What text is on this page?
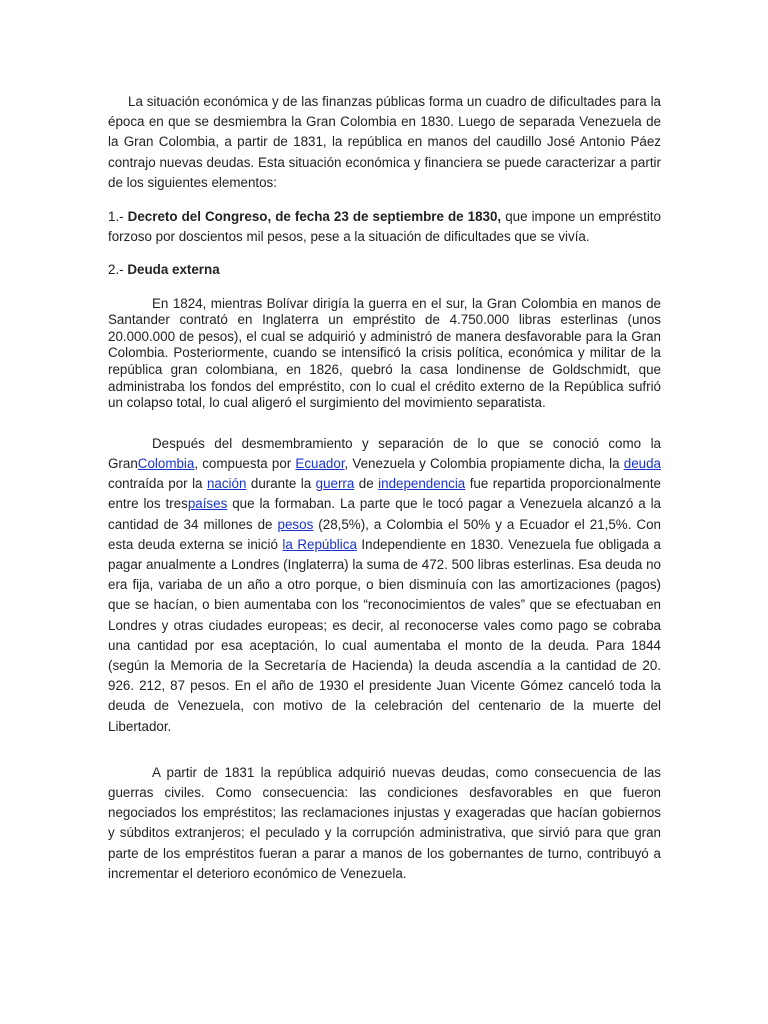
La situación económica y de las finanzas públicas forma un cuadro de dificultades para la época en que se desmiembra la Gran Colombia en 1830. Luego de separada Venezuela de la Gran Colombia, a partir de 1831, la república en manos del caudillo José Antonio Páez contrajo nuevas deudas. Esta situación económica y financiera se puede caracterizar a partir de los siguientes elementos:

1.- Decreto del Congreso, de fecha 23 de septiembre de 1830, que impone un empréstito forzoso por doscientos mil pesos, pese a la situación de dificultades que se vivía.

2.- Deuda externa

En 1824, mientras Bolívar dirigía la guerra en el sur, la Gran Colombia en manos de Santander contrató en Inglaterra un empréstito de 4.750.000 libras esterlinas (unos 20.000.000 de pesos), el cual se adquirió y administró de manera desfavorable para la Gran Colombia. Posteriormente, cuando se intensificó la crisis política, económica y militar de la república gran colombiana, en 1826, quebró la casa londinense de Goldschmidt, que administraba los fondos del empréstito, con lo cual el crédito externo de la República sufrió un colapso total, lo cual aligeró el surgimiento del movimiento separatista.

Después del desmembramiento y separación de lo que se conoció como la GranColombia, compuesta por Ecuador, Venezuela y Colombia propiamente dicha, la deuda contraída por la nación durante la guerra de independencia fue repartida proporcionalmente entre los trespaíses que la formaban. La parte que le tocó pagar a Venezuela alcanzó a la cantidad de 34 millones de pesos (28,5%), a Colombia el 50% y a Ecuador el 21,5%. Con esta deuda externa se inició la República Independiente en 1830. Venezuela fue obligada a pagar anualmente a Londres (Inglaterra) la suma de 472. 500 libras esterlinas. Esa deuda no era fija, variaba de un año a otro porque, o bien disminuía con las amortizaciones (pagos) que se hacían, o bien aumentaba con los “reconocimientos de vales” que se efectuaban en Londres y otras ciudades europeas; es decir, al reconocerse vales como pago se cobraba una cantidad por esa aceptación, lo cual aumentaba el monto de la deuda. Para 1844 (según la Memoria de la Secretaría de Hacienda) la deuda ascendía a la cantidad de 20. 926. 212, 87 pesos. En el año de 1930 el presidente Juan Vicente Gómez canceló toda la deuda de Venezuela, con motivo de la celebración del centenario de la muerte del Libertador.

A partir de 1831 la república adquirió nuevas deudas, como consecuencia de las guerras civiles. Como consecuencia: las condiciones desfavorables en que fueron negociados los empréstitos; las reclamaciones injustas y exageradas que hacían gobiernos y súbditos extranjeros; el peculado y la corrupción administrativa, que sirvió para que gran parte de los empréstitos fueran a parar a manos de los gobernantes de turno, contribuyó a incrementar el deterioro económico de Venezuela.
